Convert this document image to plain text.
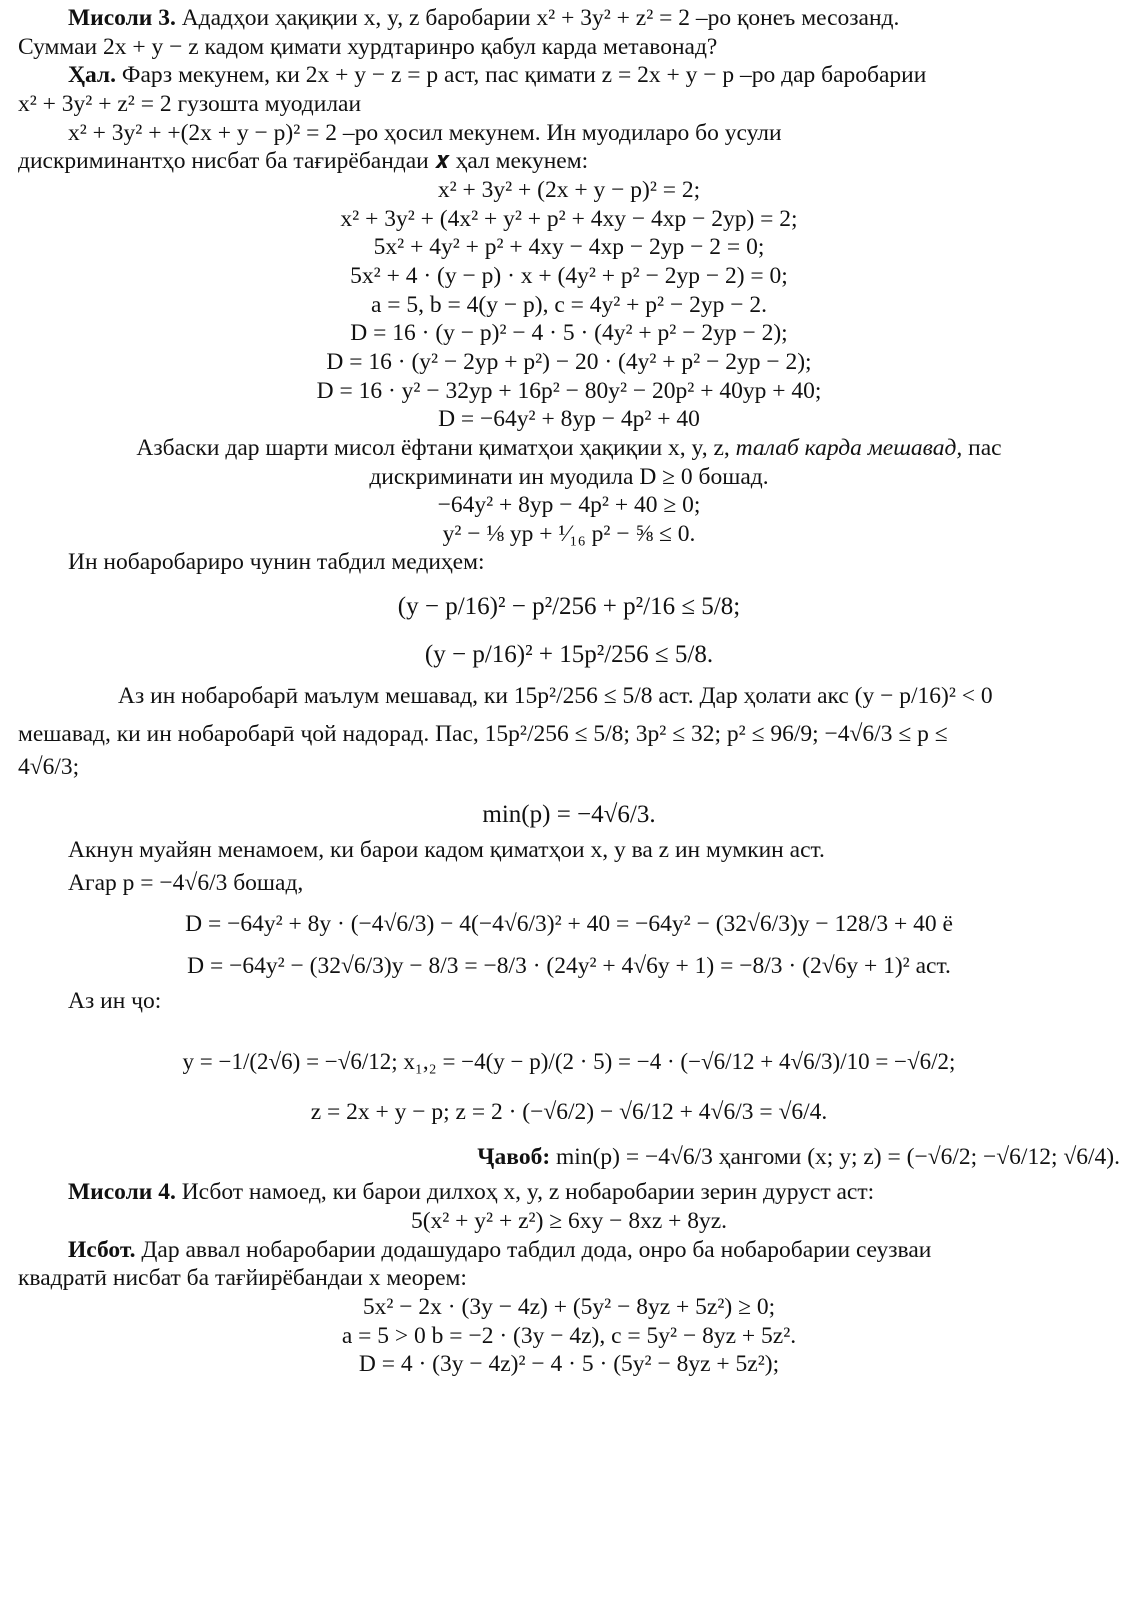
Мисоли 3. Ададҳои ҳақиқии x, y, z баробарии x² + 3y² + z² = 2 –ро қонеъ месозанд.
Суммаи 2x + y − z кадом қимати хурдтаринро қабул карда метавонад?
Ҳал. Фарз мекунем, ки 2x + y − z = p аст, пас қимати z = 2x + y − p –ро дар баробарии
x² + 3y² + z² = 2 гузошта муодилаи
x² + 3y² + +(2x + y − p)² = 2 –ро ҳосил мекунем. Ин муодиларо бо усули
дискриминантҳо нисбат ба тағирёбандаи 𝒙 ҳал мекунем:
x² + 3y² + (2x + y − p)² = 2;
x² + 3y² + (4x² + y² + p² + 4xy − 4xp − 2yp) = 2;
5x² + 4y² + p² + 4xy − 4xp − 2yp − 2 = 0;
5x² + 4 · (y − p) · x + (4y² + p² − 2yp − 2) = 0;
a = 5, b = 4(y − p), c = 4y² + p² − 2yp − 2.
D = 16 · (y − p)² − 4 · 5 · (4y² + p² − 2yp − 2);
D = 16 · (y² − 2yp + p²) − 20 · (4y² + p² − 2yp − 2);
D = 16 · y² − 32yp + 16p² − 80y² − 20p² + 40yp + 40;
D = −64y² + 8yp − 4p² + 40
Азбаски дар шарти мисол ёфтани қиматҳои ҳақиқии x, y, z, талаб карда мешавад, пас
дискриминати ин муодила D ≥ 0 бошад.
−64y² + 8yp − 4p² + 40 ≥ 0;
y² − ⅛ yp + ¹⁄₁₆ p² − ⅝ ≤ 0.
Ин нобаробариро чунин табдил медиҳем:
(y − p/16)² − p²/256 + p²/16 ≤ 5/8;
(y − p/16)² + 15p²/256 ≤ 5/8.
Аз ин нобаробарӣ маълум мешавад, ки 15p²/256 ≤ 5/8 аст. Дар ҳолати акс (y − p/16)² < 0
мешавад, ки ин нобаробарӣ ҷой надорад. Пас, 15p²/256 ≤ 5/8; 3p² ≤ 32; p² ≤ 96/9; −4√6/3 ≤ p ≤
4√6/3;
min(p) = −4√6/3.
Акнун муайян менамоем, ки барои кадом қиматҳои x, y ва z ин мумкин аст.
Агар p = −4√6/3 бошад,
D = −64y² + 8y · (−4√6/3) − 4(−4√6/3)² + 40 = −64y² − (32√6/3)y − 128/3 + 40 ё
D = −64y² − (32√6/3)y − 8/3 = −8/3 · (24y² + 4√6y + 1) = −8/3 · (2√6y + 1)² аст.
Аз ин ҷо:
y = −1/(2√6) = −√6/12; x₁,₂ = −4(y − p)/(2 · 5) = −4 · (−√6/12 + 4√6/3)/10 = −√6/2;
z = 2x + y − p; z = 2 · (−√6/2) − √6/12 + 4√6/3 = √6/4.
Ҷавоб: min(p) = −4√6/3 ҳангоми (x; y; z) = (−√6/2; −√6/12; √6/4).
Мисоли 4. Исбот намоед, ки барои дилхоҳ x, y, z нобаробарии зерин дуруст аст:
5(x² + y² + z²) ≥ 6xy − 8xz + 8yz.
Исбот. Дар аввал нобаробарии додашударо табдил дода, онро ба нобаробарии сеузваи
квадратӣ нисбат ба тағйирёбандаи x меорем:
5x² − 2x · (3y − 4z) + (5y² − 8yz + 5z²) ≥ 0;
a = 5 > 0 b = −2 · (3y − 4z), c = 5y² − 8yz + 5z².
D = 4 · (3y − 4z)² − 4 · 5 · (5y² − 8yz + 5z²);
